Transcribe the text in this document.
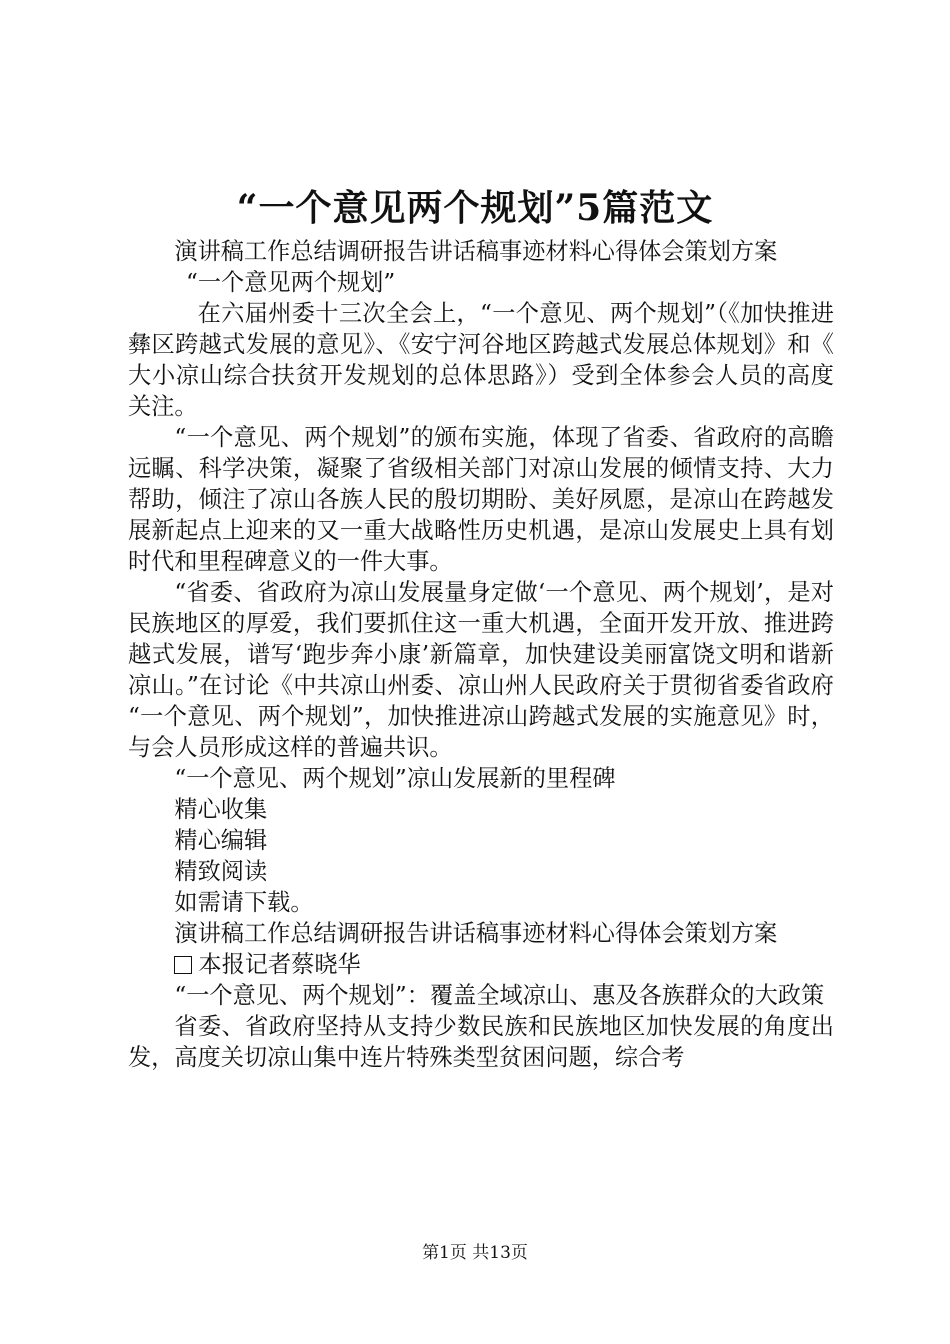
“一个意见两个规划”5篇范文

演讲稿工作总结调研报告讲话稿事迹材料心得体会策划方案

“一个意见两个规划”

在六届州委十三次全会上，“一个意见、两个规划”（《加快推进彝区跨越式发展的意见》、《安宁河谷地区跨越式发展总体规划》和《大小凉山综合扶贫开发规划的总体思路》）受到全体参会人员的高度关注。

“一个意见、两个规划”的颁布实施，体现了省委、省政府的高瞻远瞩、科学决策，凝聚了省级相关部门对凉山发展的倾情支持、大力帮助，倾注了凉山各族人民的殷切期盼、美好夙愿，是凉山在跨越发展新起点上迎来的又一重大战略性历史机遇，是凉山发展史上具有划时代和里程碑意义的一件大事。

“省委、省政府为凉山发展量身定做‘一个意见、两个规划’，是对民族地区的厚爱，我们要抓住这一重大机遇，全面开发开放、推进跨越式发展，谱写‘跑步奔小康’新篇章，加快建设美丽富饶文明和谐新凉山。”在讨论《中共凉山州委、凉山州人民政府关于贯彻省委省政府“一个意见、两个规划”，加快推进凉山跨越式发展的实施意见》时，与会人员形成这样的普遍共识。

“一个意见、两个规划”凉山发展新的里程碑

精心收集

精心编辑

精致阅读

如需请下载。

演讲稿工作总结调研报告讲话稿事迹材料心得体会策划方案

本报记者蔡晓华

“一个意见、两个规划”：覆盖全域凉山、惠及各族群众的大政策

省委、省政府坚持从支持少数民族和民族地区加快发展的角度出发，高度关切凉山集中连片特殊类型贫困问题，综合考

第1页 共13页
